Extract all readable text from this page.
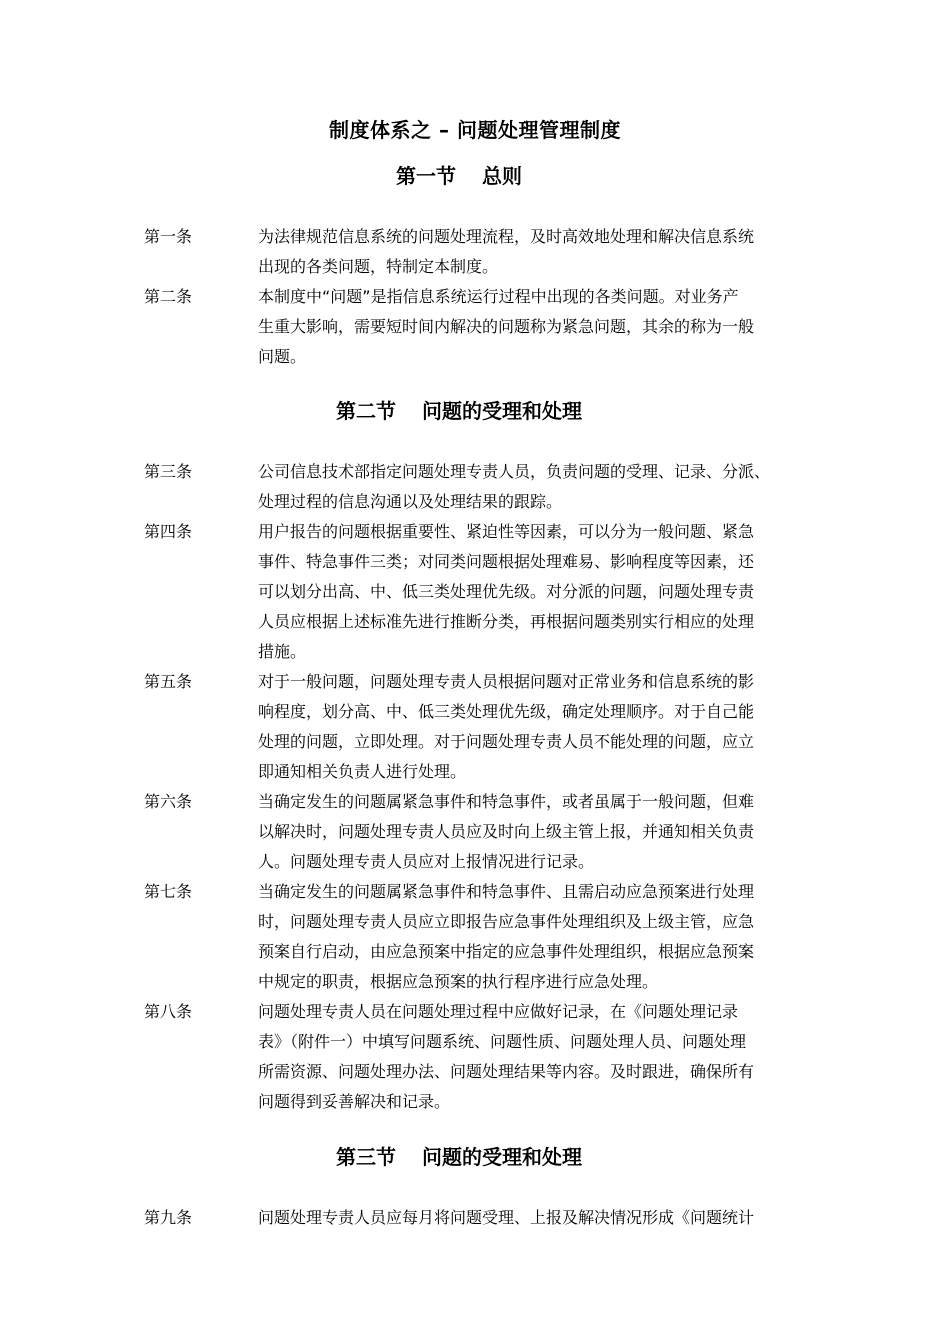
制度体系之 – 问题处理管理制度
第一节 总则
第一条	为法律规范信息系统的问题处理流程，及时高效地处理和解决信息系统
出现的各类问题，特制定本制度。
第二条	本制度中“问题”是指信息系统运行过程中出现的各类问题。对业务产
生重大影响，需要短时间内解决的问题称为紧急问题，其余的称为一般
问题。
第二节 问题的受理和处理
第三条	公司信息技术部指定问题处理专责人员，负责问题的受理、记录、分派、
处理过程的信息沟通以及处理结果的跟踪。
第四条	用户报告的问题根据重要性、紧迫性等因素，可以分为一般问题、紧急
事件、特急事件三类；对同类问题根据处理难易、影响程度等因素，还
可以划分出高、中、低三类处理优先级。对分派的问题，问题处理专责
人员应根据上述标准先进行推断分类，再根据问题类别实行相应的处理
措施。
第五条	对于一般问题，问题处理专责人员根据问题对正常业务和信息系统的影
响程度，划分高、中、低三类处理优先级，确定处理顺序。对于自己能
处理的问题，立即处理。对于问题处理专责人员不能处理的问题，应立
即通知相关负责人进行处理。
第六条	当确定发生的问题属紧急事件和特急事件，或者虽属于一般问题，但难
以解决时，问题处理专责人员应及时向上级主管上报，并通知相关负责
人。问题处理专责人员应对上报情况进行记录。
第七条	当确定发生的问题属紧急事件和特急事件、且需启动应急预案进行处理
时，问题处理专责人员应立即报告应急事件处理组织及上级主管，应急
预案自行启动，由应急预案中指定的应急事件处理组织，根据应急预案
中规定的职责，根据应急预案的执行程序进行应急处理。
第八条	问题处理专责人员在问题处理过程中应做好记录，在《问题处理记录
表》（附件一）中填写问题系统、问题性质、问题处理人员、问题处理
所需资源、问题处理办法、问题处理结果等内容。及时跟进，确保所有
问题得到妥善解决和记录。
第三节 问题的受理和处理
第九条	问题处理专责人员应每月将问题受理、上报及解决情况形成《问题统计
